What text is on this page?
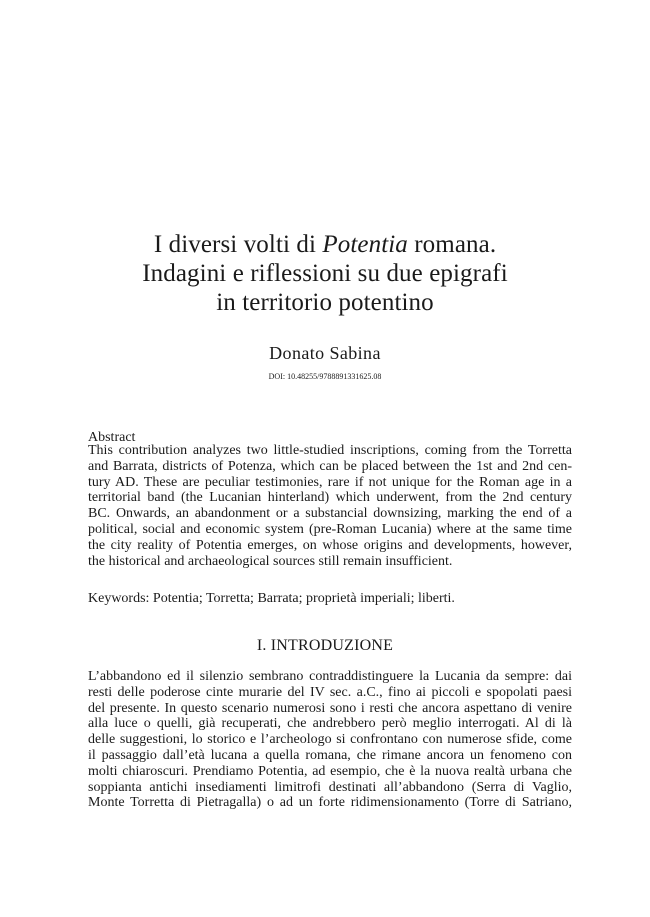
I diversi volti di Potentia romana.
Indagini e riflessioni su due epigrafi
in territorio potentino
Donato Sabina
DOI: 10.48255/9788891331625.08
Abstract
This contribution analyzes two little-studied inscriptions, coming from the Torretta
and Barrata, districts of Potenza, which can be placed between the 1st and 2nd cen-
tury AD. These are peculiar testimonies, rare if not unique for the Roman age in a
territorial band (the Lucanian hinterland) which underwent, from the 2nd century
BC. Onwards, an abandonment or a substancial downsizing, marking the end of a
political, social and economic system (pre-Roman Lucania) where at the same time
the city reality of Potentia emerges, on whose origins and developments, however,
the historical and archaeological sources still remain insufficient.
Keywords: Potentia; Torretta; Barrata; proprietà imperiali; liberti.
I. INTRODUZIONE
L’abbandono ed il silenzio sembrano contraddistinguere la Lucania da sempre: dai
resti delle poderose cinte murarie del IV sec. a.C., fino ai piccoli e spopolati paesi
del presente. In questo scenario numerosi sono i resti che ancora aspettano di venire
alla luce o quelli, già recuperati, che andrebbero però meglio interrogati. Al di là
delle suggestioni, lo storico e l’archeologo si confrontano con numerose sfide, come
il passaggio dall’età lucana a quella romana, che rimane ancora un fenomeno con
molti chiaroscuri. Prendiamo Potentia, ad esempio, che è la nuova realtà urbana che
soppianta antichi insediamenti limitrofi destinati all’abbandono (Serra di Vaglio,
Monte Torretta di Pietragalla) o ad un forte ridimensionamento (Torre di Satriano,
